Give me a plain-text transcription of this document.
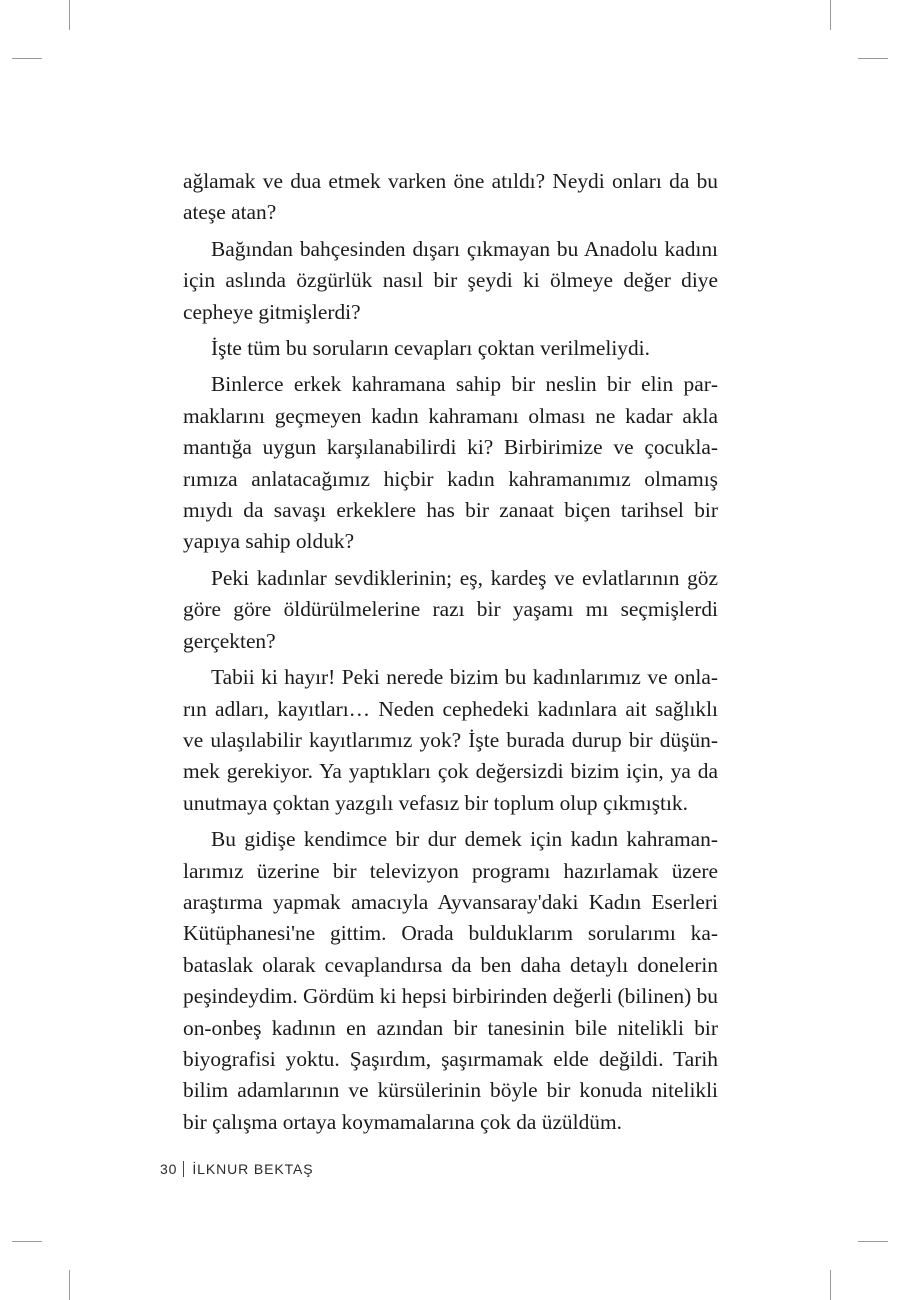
ağlamak ve dua etmek varken öne atıldı? Neydi onları da bu ateşe atan?

Bağından bahçesinden dışarı çıkmayan bu Anadolu kadını için aslında özgürlük nasıl bir şeydi ki ölmeye değer diye cepheye gitmişlerdi?

İşte tüm bu soruların cevapları çoktan verilmeliydi.

Binlerce erkek kahramana sahip bir neslin bir elin parmaklarını geçmeyen kadın kahramanı olması ne kadar akla mantığa uygun karşılanabilirdi ki? Birbirimize ve çocuklarımıza anlatacağımız hiçbir kadın kahramanımız olmamış mıydı da savaşı erkeklere has bir zanaat biçen tarihsel bir yapıya sahip olduk?

Peki kadınlar sevdiklerinin; eş, kardeş ve evlatlarının göz göre göre öldürülmelerine razı bir yaşamı mı seçmişlerdi gerçekten?

Tabii ki hayır! Peki nerede bizim bu kadınlarımız ve onların adları, kayıtları… Neden cephedeki kadınlara ait sağlıklı ve ulaşılabilir kayıtlarımız yok? İşte burada durup bir düşünmek gerekiyor. Ya yaptıkları çok değersizdi bizim için, ya da unutmaya çoktan yazgılı vefasız bir toplum olup çıkmıştık.

Bu gidişe kendimce bir dur demek için kadın kahramanlarımız üzerine bir televizyon programı hazırlamak üzere araştırma yapmak amacıyla Ayvansaray'daki Kadın Eserleri Kütüphanesi'ne gittim. Orada bulduklarım sorularımı kabataslak olarak cevaplandırsa da ben daha detaylı donelerin peşindeydim. Gördüm ki hepsi birbirinden değerli (bilinen) bu on-onbeş kadının en azından bir tanesinin bile nitelikli bir biyografisi yoktu. Şaşırdım, şaşırmamak elde değildi. Tarih bilim adamlarının ve kürsülerinin böyle bir konuda nitelikli bir çalışma ortaya koymamalarına çok da üzüldüm.

30 İLKNUR BEKTAŞ
